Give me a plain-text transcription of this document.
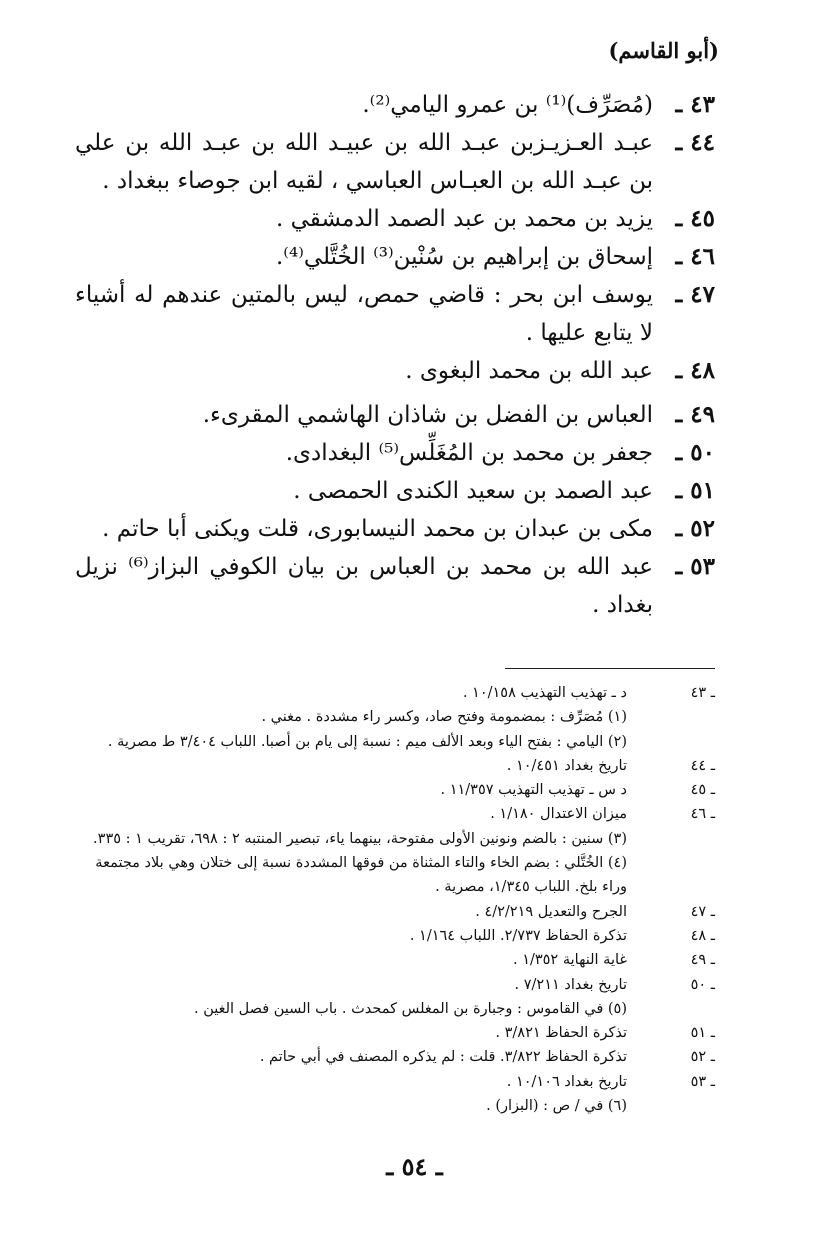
(أبو القاسم)
٤٣ ـ
(مُصَرِّف)⁽¹⁾ بن عمرو اليامي⁽²⁾.
٤٤ ـ
عبـد العـزيـزبن عبـد الله بن عبيـد الله بن عبـد الله بن علي بن عبـد الله بن العبـاس العباسي ، لقيه ابن جوصاء ببغداد .
٤٥ ـ
يزيد بن محمد بن عبد الصمد الدمشقي .
٤٦ ـ
إسحاق بن إبراهيم بن سُنْين⁽³⁾ الخُتَّلي⁽⁴⁾.
٤٧ ـ
يوسف ابن بحر : قاضي حمص، ليس بالمتين عندهم له أشياء لا يتابع عليها .
٤٨ ـ
عبد الله بن محمد البغوى .
٤٩ ـ
العباس بن الفضل بن شاذان الهاشمي المقرىء.
٥٠ ـ
جعفر بن محمد بن المُغَلِّس⁽⁵⁾ البغدادى.
٥١ ـ
عبد الصمد بن سعيد الكندى الحمصى .
٥٢ ـ
مكى بن عبدان بن محمد النيسابورى، قلت ويكنى أبا حاتم .
٥٣ ـ
عبد الله بن محمد بن العباس بن بيان الكوفي البزاز⁽⁶⁾ نزيل بغداد .
ـ ٤٣
د ـ تهذيب التهذيب ١٠/١٥٨ .
(١) مُصَرِّف : بمضمومة وفتح صاد، وكسر راء مشددة . مغني .
(٢) اليامي : بفتح الياء وبعد الألف ميم : نسبة إلى يام بن أصبا. اللباب ٣/٤٠٤ ط مصرية .
ـ ٤٤
تاريخ بغداد ١٠/٤٥١ .
ـ ٤٥
د س ـ تهذيب التهذيب ١١/٣٥٧ .
ـ ٤٦
ميزان الاعتدال ١/١٨٠ .
(٣) سنين : بالضم ونونين الأولى مفتوحة، بينهما ياء، تبصير المنتبه ٢ : ٦٩٨، تقريب ١ : ٣٣٥.
(٤) الخُتَّلي : بضم الخاء والتاء المثناة من فوقها المشددة نسبة إلى ختلان وهي بلاد مجتمعة وراء بلخ. اللباب ١/٣٤٥، مصرية .
ـ ٤٧
الجرح والتعديل ٤/٢/٢١٩ .
ـ ٤٨
تذكرة الحفاظ ٢/٧٣٧. اللباب ١/١٦٤ .
ـ ٤٩
غاية النهاية ١/٣٥٢ .
ـ ٥٠
تاريخ بغداد ٧/٢١١ .
(٥) في القاموس : وجبارة بن المغلس كمحدث . باب السين فصل الغين .
ـ ٥١
تذكرة الحفاظ ٣/٨٢١ .
ـ ٥٢
تذكرة الحفاظ ٣/٨٢٢. قلت : لم يذكره المصنف في أبي حاتم .
ـ ٥٣
تاريخ بغداد ١٠/١٠٦ .
(٦) في / ص : (البزار) .
ـ ٥٤ ـ
